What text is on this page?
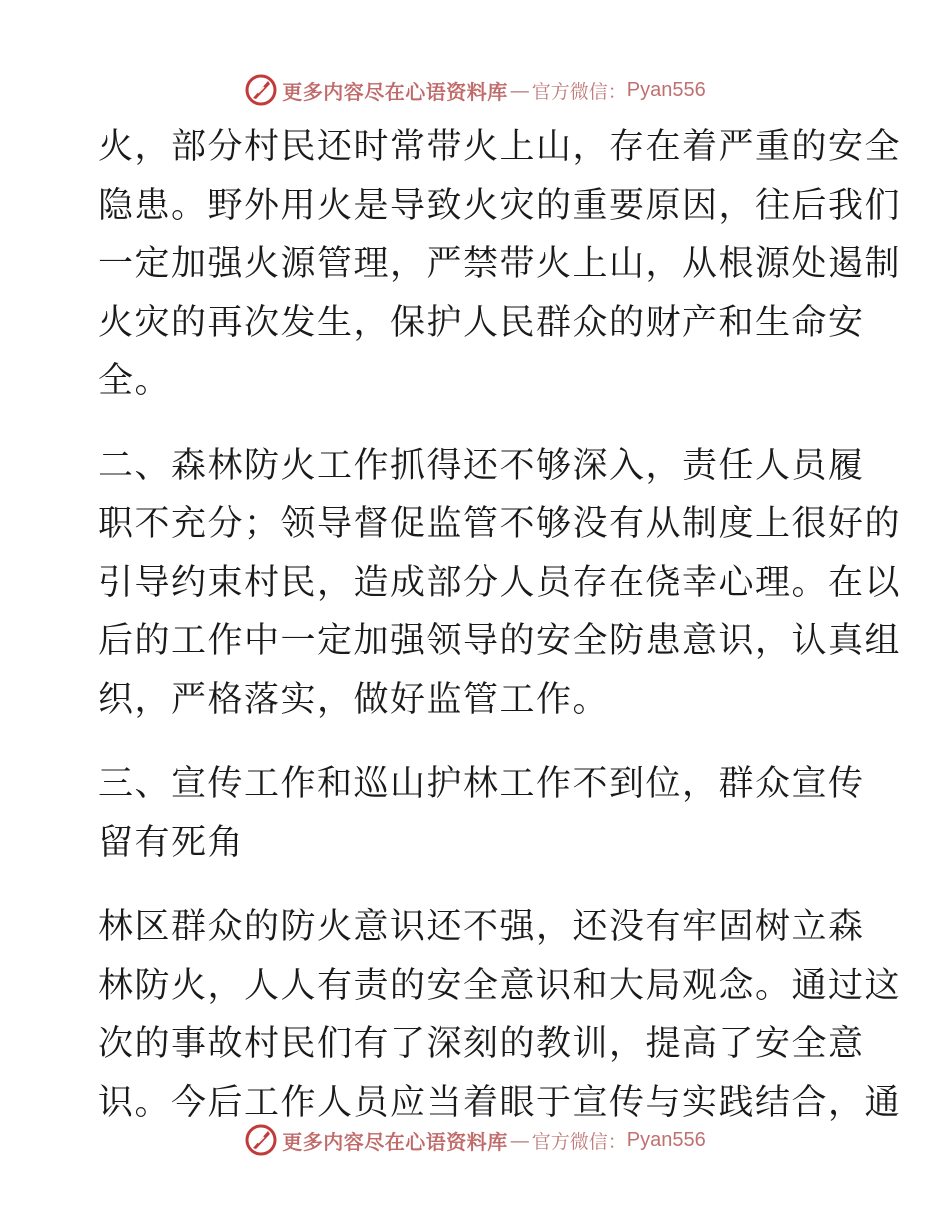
更多内容尽在心语资料库 — 官方微信： Pyan556
火，部分村民还时常带火上山，存在着严重的安全
隐患。野外用火是导致火灾的重要原因，往后我们
一定加强火源管理，严禁带火上山，从根源处遏制
火灾的再次发生，保护人民群众的财产和生命安
全。
二、森林防火工作抓得还不够深入，责任人员履
职不充分；领导督促监管不够没有从制度上很好的
引导约束村民，造成部分人员存在侥幸心理。在以
后的工作中一定加强领导的安全防患意识，认真组
织，严格落实，做好监管工作。
三、宣传工作和巡山护林工作不到位，群众宣传
留有死角
林区群众的防火意识还不强，还没有牢固树立森
林防火，人人有责的安全意识和大局观念。通过这
次的事故村民们有了深刻的教训，提高了安全意
识。今后工作人员应当着眼于宣传与实践结合，通
更多内容尽在心语资料库 — 官方微信： Pyan556
